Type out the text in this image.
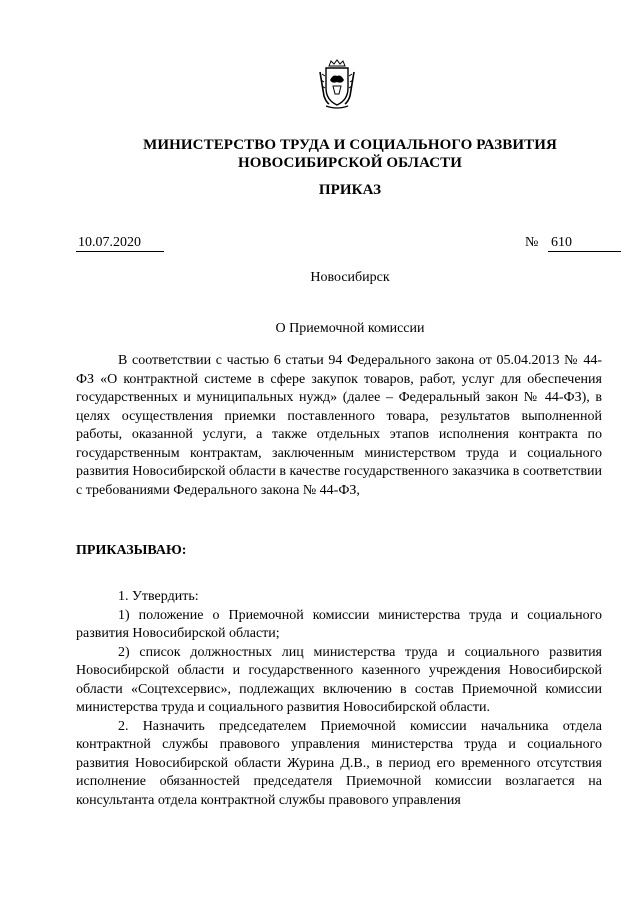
МИНИСТЕРСТВО ТРУДА И СОЦИАЛЬНОГО РАЗВИТИЯ
НОВОСИБИРСКОЙ ОБЛАСТИ
ПРИКАЗ
10.07.2020	№ 610
Новосибирск
О Приемочной комиссии

В соответствии с частью 6 статьи 94 Федерального закона от 05.04.2013 № 44-ФЗ «О контрактной системе в сфере закупок товаров, работ, услуг для обеспечения государственных и муниципальных нужд» (далее – Федеральный закон № 44-ФЗ), в целях осуществления приемки поставленного товара, результатов выполненной работы, оказанной услуги, а также отдельных этапов исполнения контракта по государственным контрактам, заключенным министерством труда и социального развития Новосибирской области в качестве государственного заказчика в соответствии с требованиями Федерального закона № 44-ФЗ,

ПРИКАЗЫВАЮ:

1. Утвердить:

1) положение о Приемочной комиссии министерства труда и социального развития Новосибирской области;

2) список должностных лиц министерства труда и социального развития Новосибирской области и государственного казенного учреждения Новосибирской области «Соцтехсервис», подлежащих включению в состав Приемочной комиссии министерства труда и социального развития Новосибирской области.

2. Назначить председателем Приемочной комиссии начальника отдела контрактной службы правового управления министерства труда и социального развития Новосибирской области Журина Д.В., в период его временного отсутствия исполнение обязанностей председателя Приемочной комиссии возлагается на консультанта отдела контрактной службы правового управления
